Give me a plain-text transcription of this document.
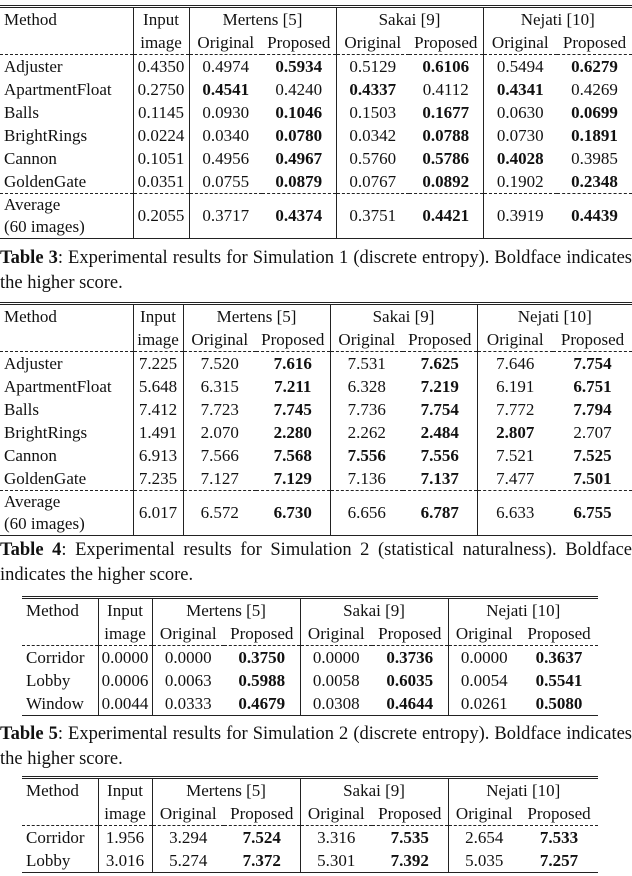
Method	Input	Mertens [5]		Sakai [9]		Nejati [10]	
	image	Original	Proposed	Original	Proposed	Original	Proposed
Adjuster	0.4350	0.4974	0.5934	0.5129	0.6106	0.5494	0.6279
ApartmentFloat	0.2750	0.4541	0.4240	0.4337	0.4112	0.4341	0.4269
Balls	0.1145	0.0930	0.1046	0.1503	0.1677	0.0630	0.0699
BrightRings	0.0224	0.0340	0.0780	0.0342	0.0788	0.0730	0.1891
Cannon	0.1051	0.4956	0.4967	0.5760	0.5786	0.4028	0.3985
GoldenGate	0.0351	0.0755	0.0879	0.0767	0.0892	0.1902	0.2348

Average
(60 images)	0.2055	0.3717	0.4374	0.3751	0.4421	0.3919	0.4439
Table 3: Experimental results for Simulation 1 (discrete entropy). Boldface indicates the higher score.
Method	Input	Mertens [5]		Sakai [9]		Nejati [10]	
	image	Original	Proposed	Original	Proposed	Original	Proposed
Adjuster	7.225	7.520	7.616	7.531	7.625	7.646	7.754
ApartmentFloat	5.648	6.315	7.211	6.328	7.219	6.191	6.751
Balls	7.412	7.723	7.745	7.736	7.754	7.772	7.794
BrightRings	1.491	2.070	2.280	2.262	2.484	2.807	2.707
Cannon	6.913	7.566	7.568	7.556	7.556	7.521	7.525
GoldenGate	7.235	7.127	7.129	7.136	7.137	7.477	7.501

Average
(60 images)	6.017	6.572	6.730	6.656	6.787	6.633	6.755
Table 4: Experimental results for Simulation 2 (statistical naturalness). Boldface indicates the higher score.
Method	Input	Mertens [5]		Sakai [9]		Nejati [10]	
	image	Original	Proposed	Original	Proposed	Original	Proposed
Corridor	0.0000	0.0000	0.3750	0.0000	0.3736	0.0000	0.3637
Lobby	0.0006	0.0063	0.5988	0.0058	0.6035	0.0054	0.5541
Window	0.0044	0.0333	0.4679	0.0308	0.4644	0.0261	0.5080
Table 5: Experimental results for Simulation 2 (discrete entropy). Boldface indicates the higher score.
Method	Input	Mertens [5]		Sakai [9]		Nejati [10]	
	image	Original	Proposed	Original	Proposed	Original	Proposed
Corridor	1.956	3.294	7.524	3.316	7.535	2.654	7.533
Lobby	3.016	5.274	7.372	5.301	7.392	5.035	7.257
